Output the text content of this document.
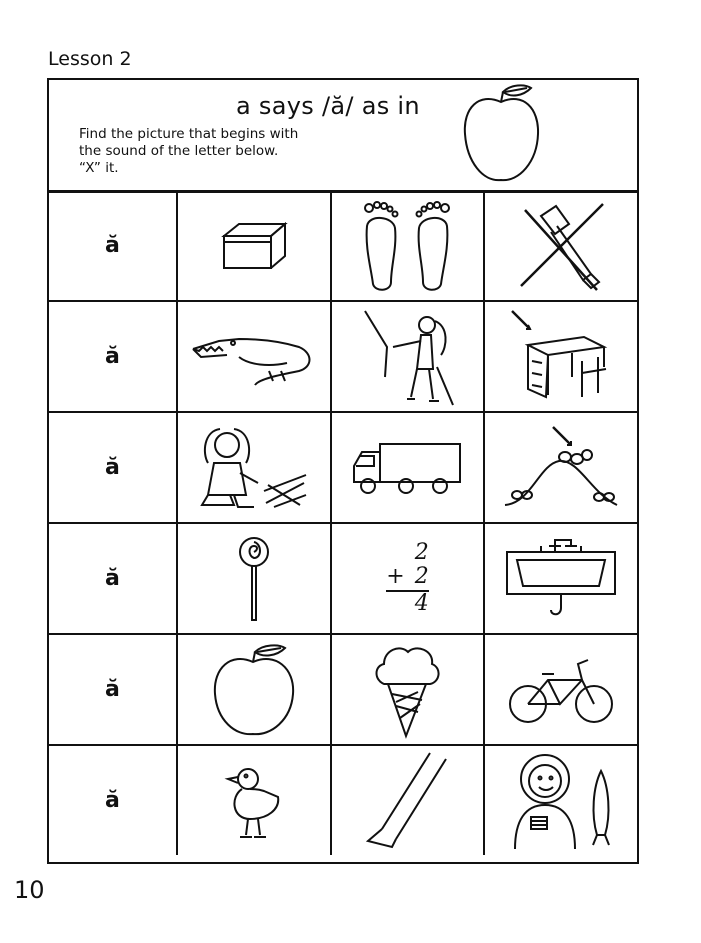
Lesson 2
a says /ă/ as in

Find the picture that begins with
the sound of the letter below.
“X” it.

ă	

ă	

ă	

ă		2
+ 2
4

ă	

ă	

10
